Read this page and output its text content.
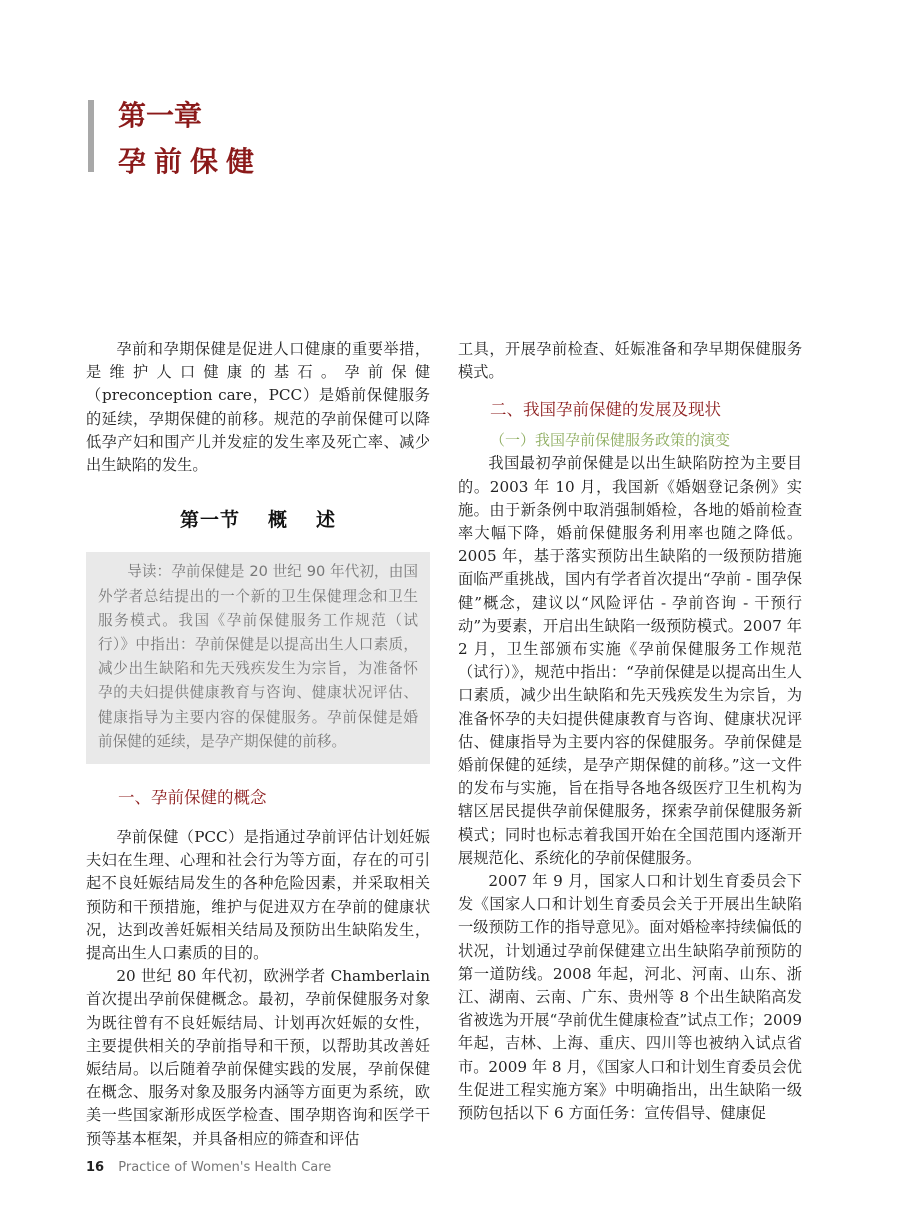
第一章
孕前保健

孕前和孕期保健是促进人口健康的重要举措，是维护人口健康的基石。孕前保健（preconception care，PCC）是婚前保健服务的延续，孕期保健的前移。规范的孕前保健可以降低孕产妇和围产儿并发症的发生率及死亡率、减少出生缺陷的发生。

第一节 概 述
导读：孕前保健是 20 世纪 90 年代初，由国外学者总结提出的一个新的卫生保健理念和卫生服务模式。我国《孕前保健服务工作规范（试行）》中指出：孕前保健是以提高出生人口素质，减少出生缺陷和先天残疾发生为宗旨，为准备怀孕的夫妇提供健康教育与咨询、健康状况评估、健康指导为主要内容的保健服务。孕前保健是婚前保健的延续，是孕产期保健的前移。
一、孕前保健的概念

孕前保健（PCC）是指通过孕前评估计划妊娠夫妇在生理、心理和社会行为等方面，存在的可引起不良妊娠结局发生的各种危险因素，并采取相关预防和干预措施，维护与促进双方在孕前的健康状况，达到改善妊娠相关结局及预防出生缺陷发生，提高出生人口素质的目的。

20 世纪 80 年代初，欧洲学者 Chamberlain 首次提出孕前保健概念。最初，孕前保健服务对象为既往曾有不良妊娠结局、计划再次妊娠的女性，主要提供相关的孕前指导和干预，以帮助其改善妊娠结局。以后随着孕前保健实践的发展，孕前保健在概念、服务对象及服务内涵等方面更为系统，欧美一些国家渐形成医学检查、围孕期咨询和医学干预等基本框架，并具备相应的筛查和评估

工具，开展孕前检查、妊娠准备和孕早期保健服务模式。

二、我国孕前保健的发展及现状
（一）我国孕前保健服务政策的演变

我国最初孕前保健是以出生缺陷防控为主要目的。2003 年 10 月，我国新《婚姻登记条例》实施。由于新条例中取消强制婚检，各地的婚前检查率大幅下降，婚前保健服务利用率也随之降低。2005 年，基于落实预防出生缺陷的一级预防措施面临严重挑战，国内有学者首次提出“孕前 - 围孕保健”概念，建议以“风险评估 - 孕前咨询 - 干预行动”为要素，开启出生缺陷一级预防模式。2007 年 2 月，卫生部颁布实施《孕前保健服务工作规范（试行）》，规范中指出：“孕前保健是以提高出生人口素质，减少出生缺陷和先天残疾发生为宗旨，为准备怀孕的夫妇提供健康教育与咨询、健康状况评估、健康指导为主要内容的保健服务。孕前保健是婚前保健的延续，是孕产期保健的前移。”这一文件的发布与实施，旨在指导各地各级医疗卫生机构为辖区居民提供孕前保健服务，探索孕前保健服务新模式；同时也标志着我国开始在全国范围内逐渐开展规范化、系统化的孕前保健服务。

2007 年 9 月，国家人口和计划生育委员会下发《国家人口和计划生育委员会关于开展出生缺陷一级预防工作的指导意见》。面对婚检率持续偏低的状况，计划通过孕前保健建立出生缺陷孕前预防的第一道防线。2008 年起，河北、河南、山东、浙江、湖南、云南、广东、贵州等 8 个出生缺陷高发省被选为开展“孕前优生健康检查”试点工作；2009 年起，吉林、上海、重庆、四川等也被纳入试点省市。2009 年 8 月，《国家人口和计划生育委员会优生促进工程实施方案》中明确指出，出生缺陷一级预防包括以下 6 方面任务：宣传倡导、健康促

16 Practice of Women's Health Care
